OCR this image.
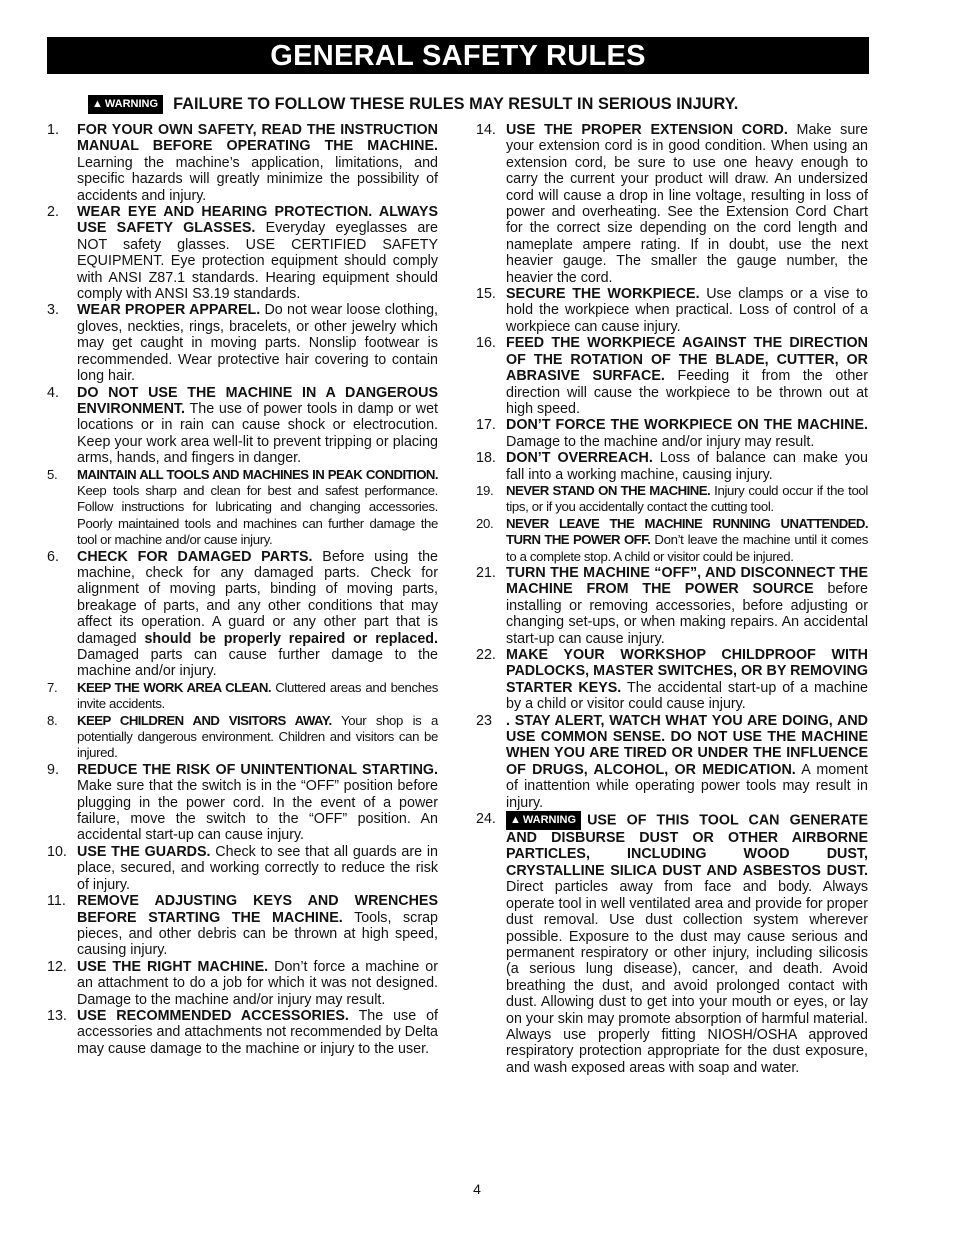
GENERAL SAFETY RULES
▲ WARNING FAILURE TO FOLLOW THESE RULES MAY RESULT IN SERIOUS INJURY.

1. FOR YOUR OWN SAFETY, READ THE INSTRUCTION MANUAL BEFORE OPERATING THE MACHINE. Learning the machine’s application, limitations, and specific hazards will greatly minimize the possibility of accidents and injury.

2. WEAR EYE AND HEARING PROTECTION. ALWAYS USE SAFETY GLASSES. Everyday eyeglasses are NOT safety glasses. USE CERTIFIED SAFETY EQUIPMENT. Eye protection equipment should comply with ANSI Z87.1 standards. Hearing equipment should comply with ANSI S3.19 standards.

3. WEAR PROPER APPAREL. Do not wear loose clothing, gloves, neckties, rings, bracelets, or other jewelry which may get caught in moving parts. Nonslip footwear is recommended. Wear protective hair covering to contain long hair.

4. DO NOT USE THE MACHINE IN A DANGEROUS ENVIRONMENT. The use of power tools in damp or wet locations or in rain can cause shock or electrocution. Keep your work area well-lit to prevent tripping or placing arms, hands, and fingers in danger.

5. MAINTAIN ALL TOOLS AND MACHINES IN PEAK CONDITION. Keep tools sharp and clean for best and safest performance. Follow instructions for lubricating and changing accessories. Poorly maintained tools and machines can further damage the tool or machine and/or cause injury.

6. CHECK FOR DAMAGED PARTS. Before using the machine, check for any damaged parts. Check for alignment of moving parts, binding of moving parts, breakage of parts, and any other conditions that may affect its operation. A guard or any other part that is damaged should be properly repaired or replaced. Damaged parts can cause further damage to the machine and/or injury.

7. KEEP THE WORK AREA CLEAN. Cluttered areas and benches invite accidents.

8. KEEP CHILDREN AND VISITORS AWAY. Your shop is a potentially dangerous environment. Children and visitors can be injured.

9. REDUCE THE RISK OF UNINTENTIONAL STARTING. Make sure that the switch is in the “OFF” position before plugging in the power cord. In the event of a power failure, move the switch to the “OFF” position. An accidental start-up can cause injury.

10. USE THE GUARDS. Check to see that all guards are in place, secured, and working correctly to reduce the risk of injury.

11. REMOVE ADJUSTING KEYS AND WRENCHES BEFORE STARTING THE MACHINE. Tools, scrap pieces, and other debris can be thrown at high speed, causing injury.

12. USE THE RIGHT MACHINE. Don’t force a machine or an attachment to do a job for which it was not designed. Damage to the machine and/or injury may result.

13. USE RECOMMENDED ACCESSORIES. The use of accessories and attachments not recommended by Delta may cause damage to the machine or injury to the user.

14. USE THE PROPER EXTENSION CORD. Make sure your extension cord is in good condition. When using an extension cord, be sure to use one heavy enough to carry the current your product will draw. An undersized cord will cause a drop in line voltage, resulting in loss of power and overheating. See the Extension Cord Chart for the correct size depending on the cord length and nameplate ampere rating. If in doubt, use the next heavier gauge. The smaller the gauge number, the heavier the cord.

15. SECURE THE WORKPIECE. Use clamps or a vise to hold the workpiece when practical. Loss of control of a workpiece can cause injury.

16. FEED THE WORKPIECE AGAINST THE DIRECTION OF THE ROTATION OF THE BLADE, CUTTER, OR ABRASIVE SURFACE. Feeding it from the other direction will cause the workpiece to be thrown out at high speed.

17. DON’T FORCE THE WORKPIECE ON THE MACHINE. Damage to the machine and/or injury may result.

18. DON’T OVERREACH. Loss of balance can make you fall into a working machine, causing injury.

19. NEVER STAND ON THE MACHINE. Injury could occur if the tool tips, or if you accidentally contact the cutting tool.

20. NEVER LEAVE THE MACHINE RUNNING UNATTENDED. TURN THE POWER OFF. Don’t leave the machine until it comes to a complete stop. A child or visitor could be injured.

21. TURN THE MACHINE “OFF”, AND DISCONNECT THE MACHINE FROM THE POWER SOURCE before installing or removing accessories, before adjusting or changing set-ups, or when making repairs. An accidental start-up can cause injury.

22. MAKE YOUR WORKSHOP CHILDPROOF WITH PADLOCKS, MASTER SWITCHES, OR BY REMOVING STARTER KEYS. The accidental start-up of a machine by a child or visitor could cause injury.

23 . STAY ALERT, WATCH WHAT YOU ARE DOING, AND USE COMMON SENSE. DO NOT USE THE MACHINE WHEN YOU ARE TIRED OR UNDER THE INFLUENCE OF DRUGS, ALCOHOL, OR MEDICATION. A moment of inattention while operating power tools may result in injury.

24. ▲ WARNING USE OF THIS TOOL CAN GENERATE AND DISBURSE DUST OR OTHER AIRBORNE PARTICLES, INCLUDING WOOD DUST, CRYSTALLINE SILICA DUST AND ASBESTOS DUST. Direct particles away from face and body. Always operate tool in well ventilated area and provide for proper dust removal. Use dust collection system wherever possible. Exposure to the dust may cause serious and permanent respiratory or other injury, including silicosis (a serious lung disease), cancer, and death. Avoid breathing the dust, and avoid prolonged contact with dust. Allowing dust to get into your mouth or eyes, or lay on your skin may promote absorption of harmful material. Always use properly fitting NIOSH/OSHA approved respiratory protection appropriate for the dust exposure, and wash exposed areas with soap and water.

4
